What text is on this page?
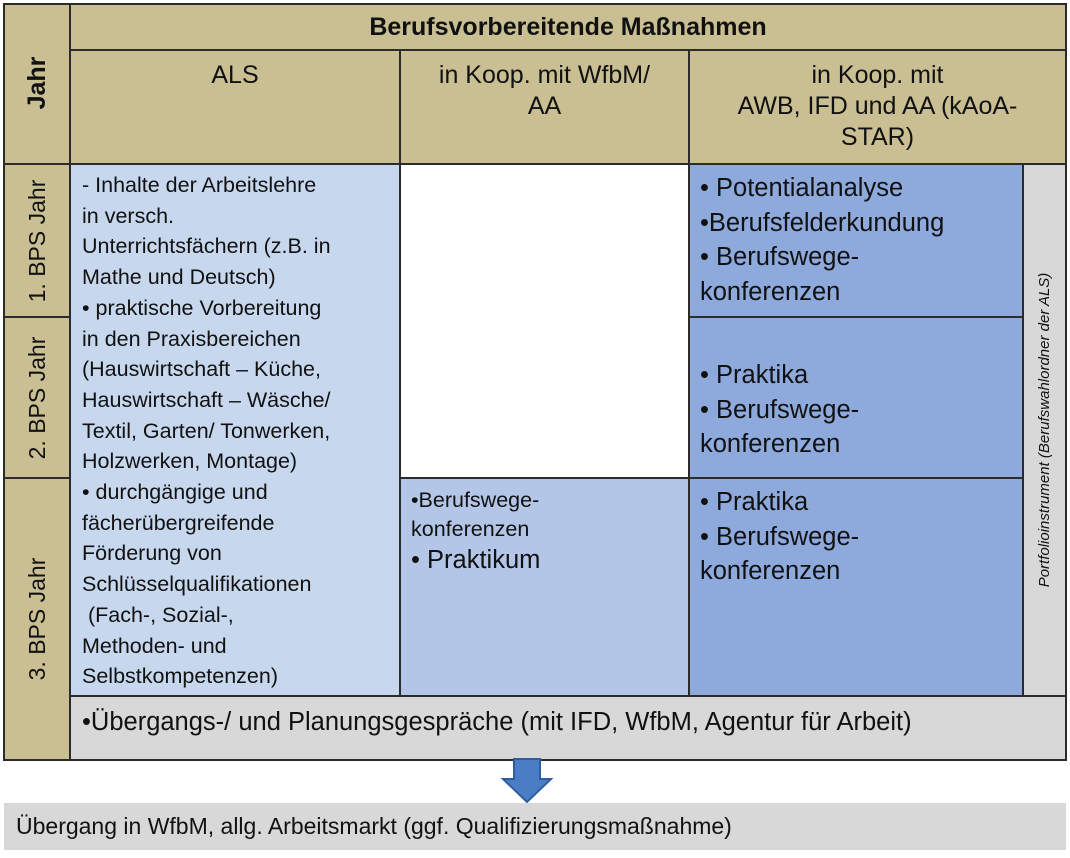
Jahr
Berufsvorbereitende Maßnahmen
ALS	in Koop. mit WfbM/
AA
in Koop. mit
AWB, IFD und AA (kAoA-
STAR)
1. BPS Jahr
2. BPS Jahr
3. BPS Jahr
- Inhalte der Arbeitslehre
in versch.
Unterrichtsfächern (z.B. in
Mathe und Deutsch)
• praktische Vorbereitung
in den Praxisbereichen
(Hauswirtschaft – Küche,
Hauswirtschaft – Wäsche/
Textil, Garten/ Tonwerken,
Holzwerken, Montage)
• durchgängige und
fächerübergreifende
Förderung von
Schlüsselqualifikationen
(Fach-, Sozial-,
Methoden- und
Selbstkompetenzen)
•Berufswege-
konferenzen
• Praktikum
• Potentialanalyse
•Berufsfelderkundung
• Berufswege-
konferenzen
• Praktika
• Berufswege-
konferenzen
• Praktika
• Berufswege-
konferenzen	Portfolioinstrument (Berufswahlordner der ALS)
•Übergangs-/ und Planungsgespräche (mit IFD, WfbM, Agentur für Arbeit)
Übergang in WfbM, allg. Arbeitsmarkt (ggf. Qualifizierungsmaßnahme)
